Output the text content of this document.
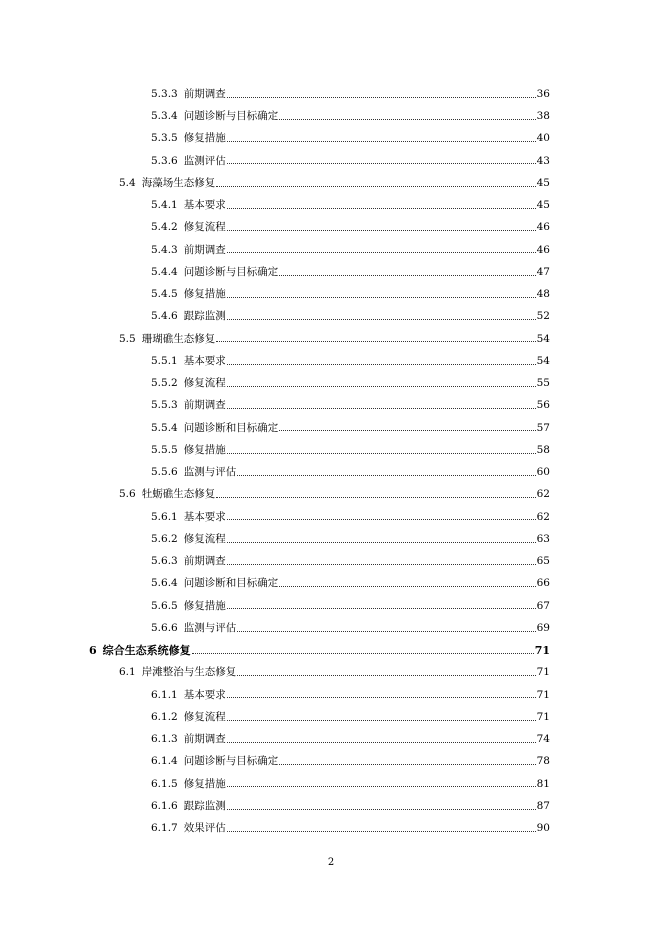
5.3.3 前期调查	36
5.3.4 问题诊断与目标确定	38
5.3.5 修复措施	40
5.3.6 监测评估	43
5.4 海藻场生态修复	45
5.4.1 基本要求	45
5.4.2 修复流程	46
5.4.3 前期调查	46
5.4.4 问题诊断与目标确定	47
5.4.5 修复措施	48
5.4.6 跟踪监测	52
5.5 珊瑚礁生态修复	54
5.5.1 基本要求	54
5.5.2 修复流程	55
5.5.3 前期调查	56
5.5.4 问题诊断和目标确定	57
5.5.5 修复措施	58
5.5.6 监测与评估	60
5.6 牡蛎礁生态修复	62
5.6.1 基本要求	62
5.6.2 修复流程	63
5.6.3 前期调查	65
5.6.4 问题诊断和目标确定	66
5.6.5 修复措施	67
5.6.6 监测与评估	69
6 综合生态系统修复	71
6.1 岸滩整治与生态修复	71
6.1.1 基本要求	71
6.1.2 修复流程	71
6.1.3 前期调查	74
6.1.4 问题诊断与目标确定	78
6.1.5 修复措施	81
6.1.6 跟踪监测	87
6.1.7 效果评估	90
2
